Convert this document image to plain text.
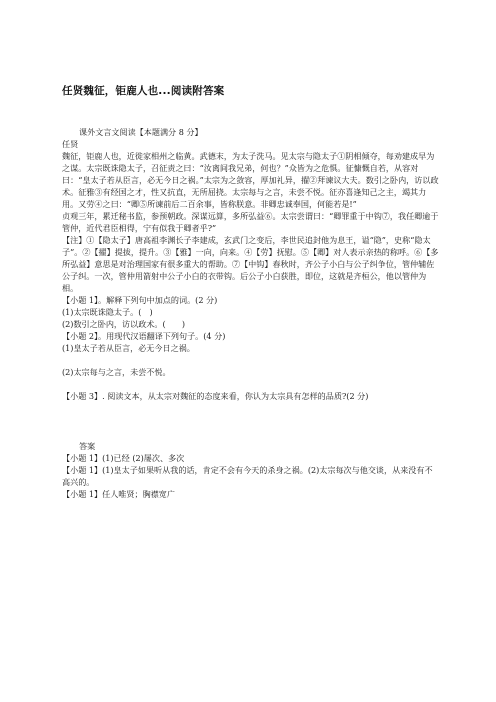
任贤魏征，钜鹿人也...阅读附答案

课外文言文阅读【本题满分 8 分】

任贤

魏征，钜鹿人也，近徙家相州之临黄。武德末，为太子洗马。见太宗与隐太子①阴相倾夺，每劝建成早为之谋。太宗既诛隐太子，召征责之曰：“汝离间我兄弟，何也？”众皆为之危惧。征慷慨自若，从容对曰：“皇太子若从臣言，必无今日之祸。”太宗为之敛容，厚加礼异，擢②拜谏议大夫。数引之卧内，访以政术。征雅③有经国之才，性又抗直，无所屈挠。太宗每与之言，未尝不悦。征亦喜逢知己之主，竭其力用。又劳④之曰：“卿⑤所谏前后二百余事，皆称朕意。非卿忠诚奉国，何能若是!”

贞观三年，累迁秘书监，参预朝政。深谋远算，多所弘益⑥。太宗尝谓曰：“卿罪重于中钩⑦，我任卿逾于管仲，近代君臣相得，宁有似我于卿者乎?”

【注】①【隐太子】唐高祖李渊长子李建成，玄武门之变后，李世民追封他为息王，谥“隐”，史称“隐太子”。②【擢】提拔，提升。③【雅】一向，向来。④【劳】抚慰。⑤【卿】对人表示亲热的称呼。⑥【多所弘益】意思是对治理国家有很多重大的帮助。⑦【中钩】春秋时，齐公子小白与公子纠争位，管仲辅佐公子纠。一次，管仲用箭射中公子小白的衣带钩。后公子小白获胜，即位，这就是齐桓公，他以管仲为相。

【小题 1】。解释下列句中加点的词。(2 分)

(1)太宗既诛隐太子。(　)

(2)数引之卧内，访以政术。(　　)

【小题 2】。用现代汉语翻译下列句子。(4 分)

(1)皇太子若从臣言，必无今日之祸。

(2)太宗每与之言，未尝不悦。

【小题 3】. 阅读文本，从太宗对魏征的态度来看，你认为太宗具有怎样的品质?(2 分)

答案

【小题 1】(1)已经 (2)屡次、多次

【小题 1】(1)皇太子如果听从我的话，肯定不会有今天的杀身之祸。(2)太宗每次与他交谈，从来没有不高兴的。

【小题 1】任人唯贤；胸襟宽广
